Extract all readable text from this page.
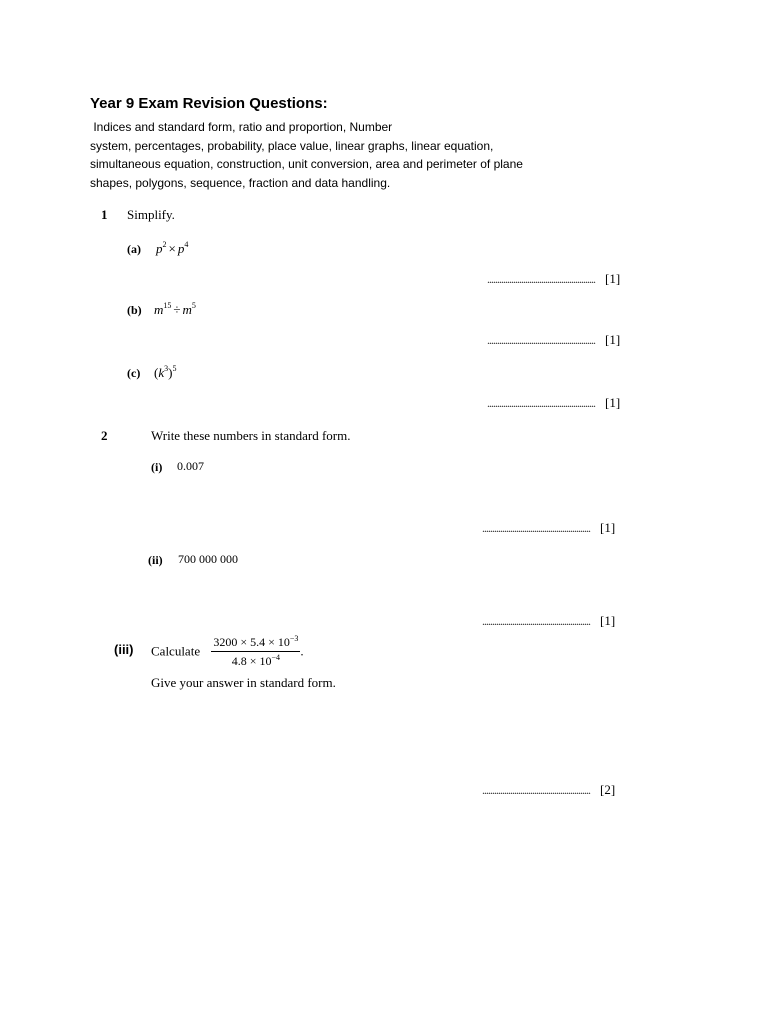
Year 9 Exam Revision Questions:
Indices and standard form, ratio and proportion, Number
system, percentages, probability, place value, linear graphs, linear equation,
simultaneous equation, construction, unit conversion, area and perimeter of plane
shapes, polygons, sequence, fraction and data handling.
1 Simplify.
(a) $p^2 \times p^4$
...................................................... [1]
(b) $m^{15} \div m^5$
...................................................... [1]
(c) $(k^3)^5$
...................................................... [1]
2	Write these numbers in standard form.
(i) 0.007
...................................................... [1]
(ii) 700 000 000
...................................................... [1]
(iii) Calculate $\frac{3200 \times 5.4 \times 10^{-3}}{4.8 \times 10^{-4}}$ .
Give your answer in standard form.
...................................................... [2]
